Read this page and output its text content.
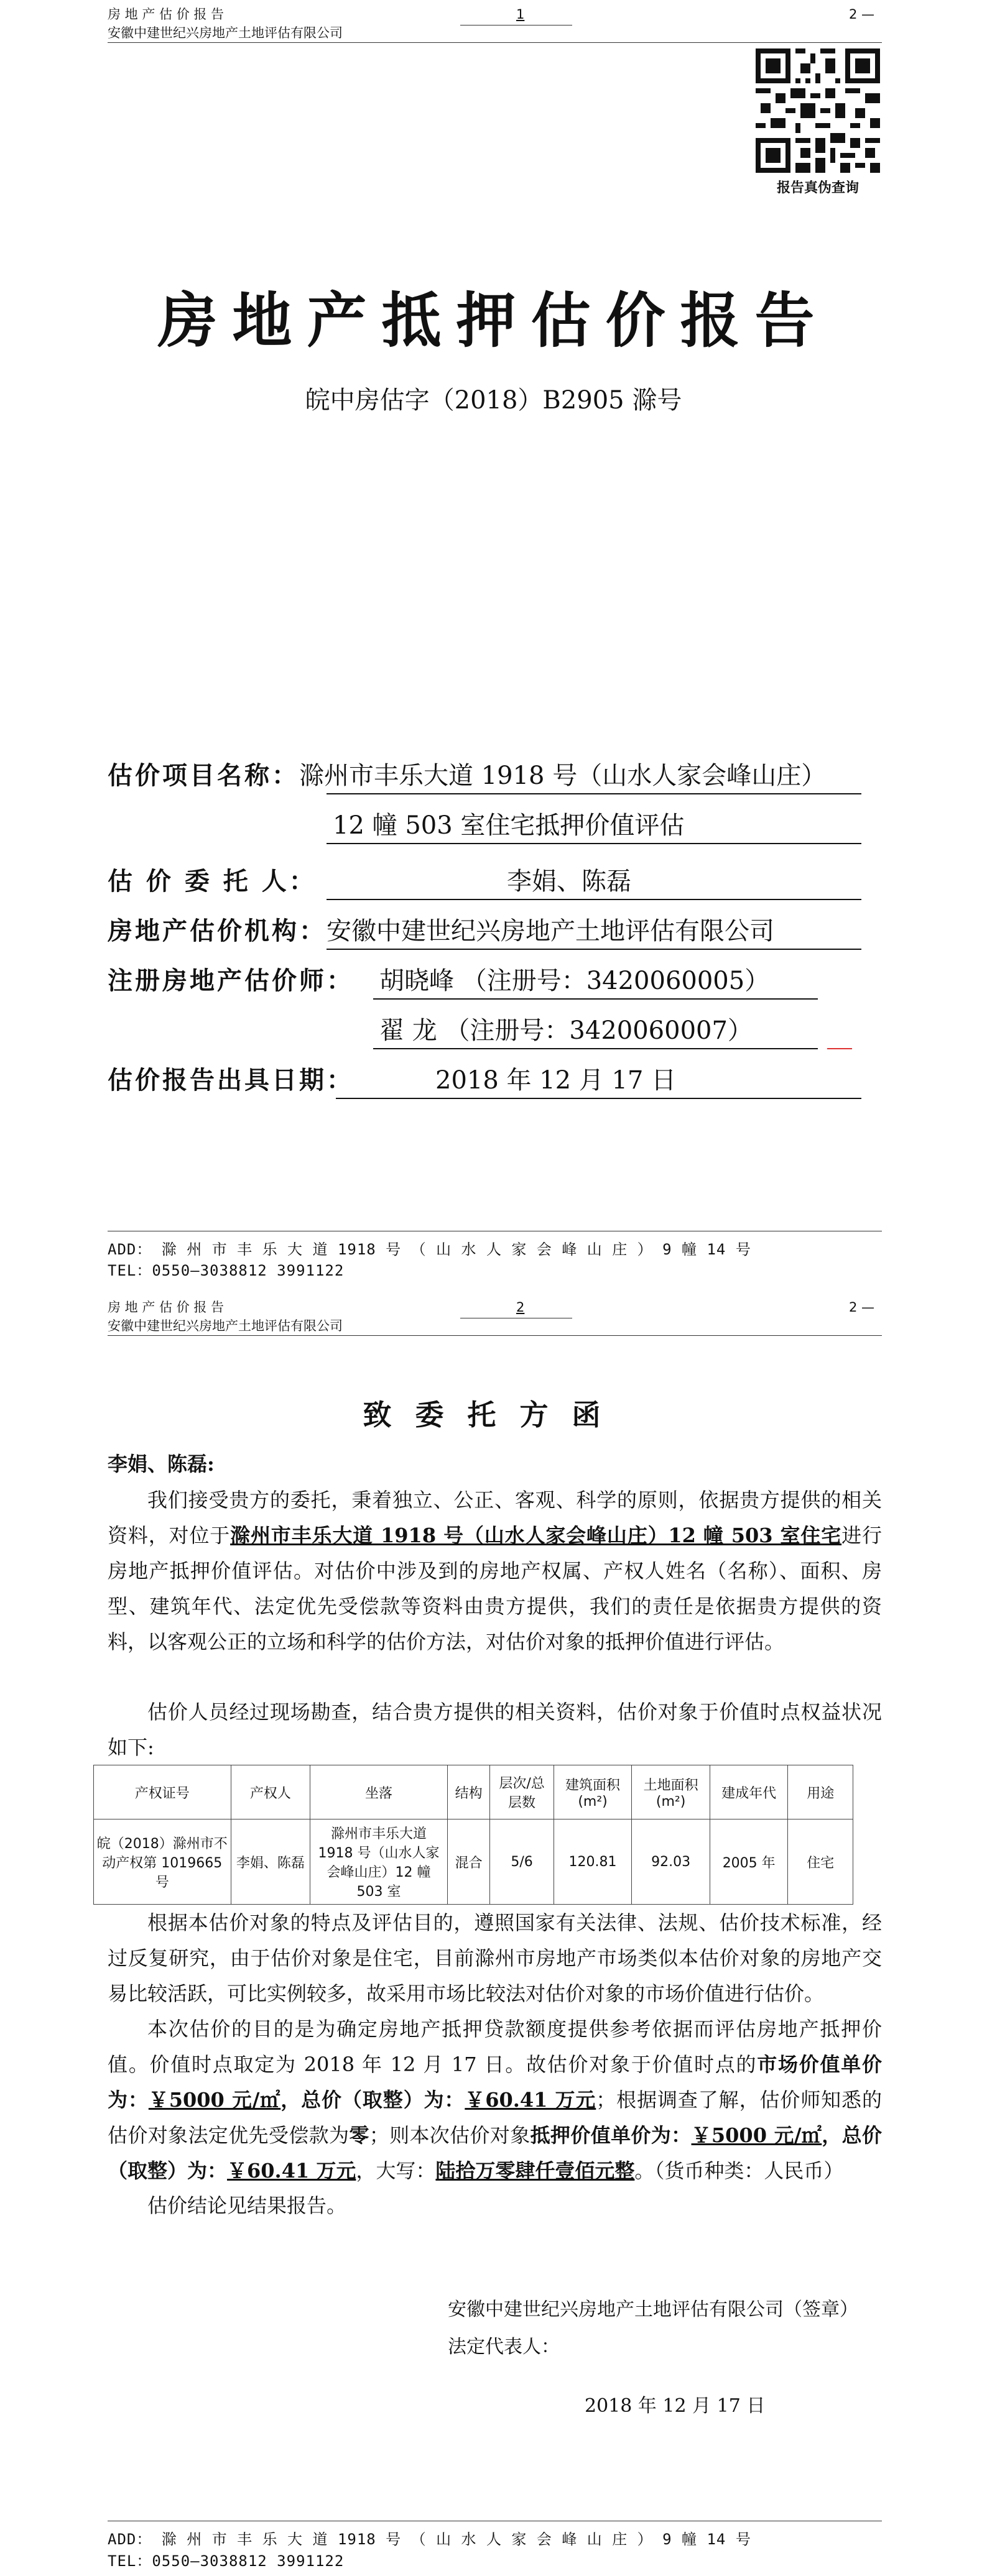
房 地 产 估 价 报 告
安徽中建世纪兴房地产土地评估有限公司
1	2 —
报告真伪查询
房地产抵押估价报告
皖中房估字（2018）B2905 滁号
估价项目名称：滁州市丰乐大道 1918 号（山水人家会峰山庄）
12 幢 503 室住宅抵押价值评估
估 价 委 托 人：	李娟、陈磊
房地产估价机构：安徽中建世纪兴房地产土地评估有限公司
注册房地产估价师： 胡晓峰 （注册号：3420060005）
翟 龙 （注册号：3420060007）
估价报告出具日期：	2018 年 12 月 17 日
ADD： 滁 州 市 丰 乐 大 道 1918 号 （ 山 水 人 家 会 峰 山 庄 ） 9 幢 14 号
TEL：0550—3038812 3991122
房 地 产 估 价 报 告
安徽中建世纪兴房地产土地评估有限公司
2	2 —
致委托方函
李娟、陈磊:
我们接受贵方的委托，秉着独立、公正、客观、科学的原则，依据贵方提供的相关资料，对位于滁州市丰乐大道 1918 号（山水人家会峰山庄）12 幢 503 室住宅进行房地产抵押价值评估。对估价中涉及到的房地产权属、产权人姓名（名称）、面积、房型、建筑年代、法定优先受偿款等资料由贵方提供，我们的责任是依据贵方提供的资料，以客观公正的立场和科学的估价方法，对估价对象的抵押价值进行评估。
估价人员经过现场勘查，结合贵方提供的相关资料，估价对象于价值时点权益状况如下:
产权证号	产权人	坐落	结构	层次/总层数	建筑面积(m²)	土地面积(m²)	建成年代	用途
皖（2018）滁州市不动产权第 1019665 号	李娟、陈磊	滁州市丰乐大道 1918 号（山水人家会峰山庄）12 幢 503 室	混合	5/6	120.81	92.03	2005 年	住宅
根据本估价对象的特点及评估目的，遵照国家有关法律、法规、估价技术标准，经过反复研究，由于估价对象是住宅，目前滁州市房地产市场类似本估价对象的房地产交易比较活跃，可比实例较多，故采用市场比较法对估价对象的市场价值进行估价。
本次估价的目的是为确定房地产抵押贷款额度提供参考依据而评估房地产抵押价值。价值时点取定为 2018 年 12 月 17 日。故估价对象于价值时点的市场价值单价为：￥5000 元/㎡，总价（取整）为：￥60.41 万元；根据调查了解，估价师知悉的估价对象法定优先受偿款为零；则本次估价对象抵押价值单价为：￥5000 元/㎡，总价（取整）为：￥60.41 万元，大写：陆拾万零肆仟壹佰元整。（货币种类：人民币）
估价结论见结果报告。
安徽中建世纪兴房地产土地评估有限公司（签章）
法定代表人：
2018 年 12 月 17 日
ADD： 滁 州 市 丰 乐 大 道 1918 号 （ 山 水 人 家 会 峰 山 庄 ） 9 幢 14 号
TEL：0550—3038812 3991122
